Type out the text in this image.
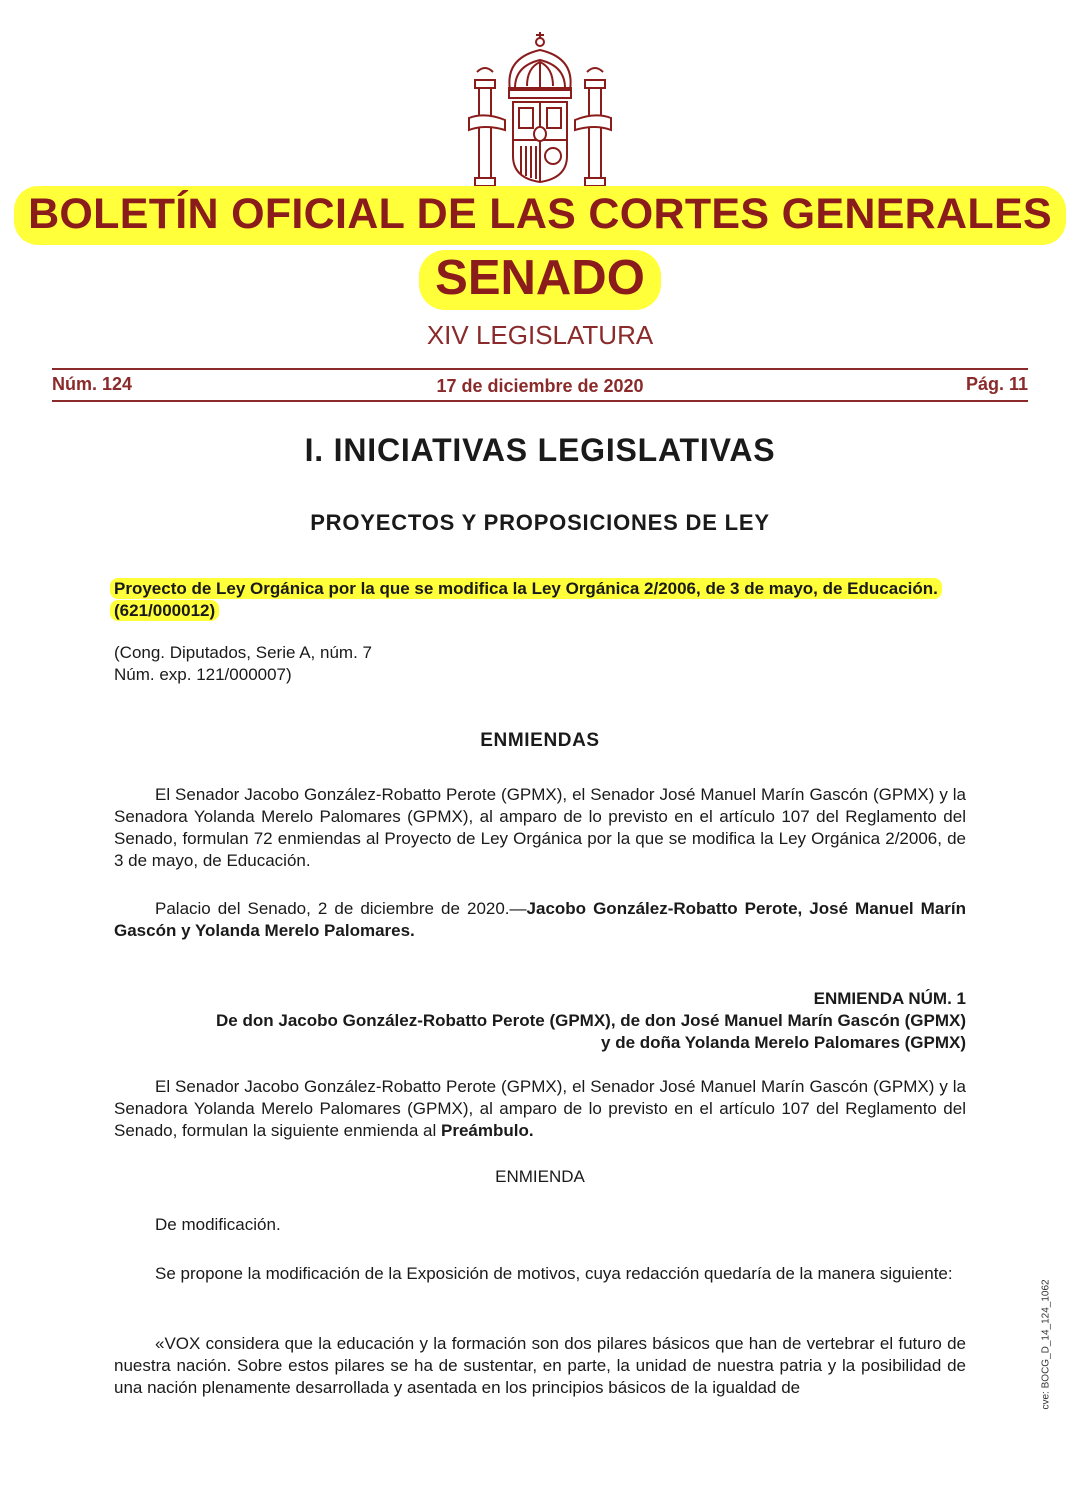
BOLETÍN OFICIAL DE LAS CORTES GENERALES
SENADO
XIV LEGISLATURA
Núm. 124	17 de diciembre de 2020	Pág. 11
I. INICIATIVAS LEGISLATIVAS
PROYECTOS Y PROPOSICIONES DE LEY
Proyecto de Ley Orgánica por la que se modifica la Ley Orgánica 2/2006, de 3 de mayo, de Educación.
(621/000012)
(Cong. Diputados, Serie A, núm. 7
Núm. exp. 121/000007)
ENMIENDAS
El Senador Jacobo González-Robatto Perote (GPMX), el Senador José Manuel Marín Gascón (GPMX) y la Senadora Yolanda Merelo Palomares (GPMX), al amparo de lo previsto en el artículo 107 del Reglamento del Senado, formulan 72 enmiendas al Proyecto de Ley Orgánica por la que se modifica la Ley Orgánica 2/2006, de 3 de mayo, de Educación.
Palacio del Senado, 2 de diciembre de 2020.—Jacobo González-Robatto Perote, José Manuel Marín Gascón y Yolanda Merelo Palomares.
ENMIENDA NÚM. 1
De don Jacobo González-Robatto Perote (GPMX), de don José Manuel Marín Gascón (GPMX)
y de doña Yolanda Merelo Palomares (GPMX)
El Senador Jacobo González-Robatto Perote (GPMX), el Senador José Manuel Marín Gascón (GPMX) y la Senadora Yolanda Merelo Palomares (GPMX), al amparo de lo previsto en el artículo 107 del Reglamento del Senado, formulan la siguiente enmienda al Preámbulo.
ENMIENDA
De modificación.
Se propone la modificación de la Exposición de motivos, cuya redacción quedaría de la manera siguiente:
«VOX considera que la educación y la formación son dos pilares básicos que han de vertebrar el futuro de nuestra nación. Sobre estos pilares se ha de sustentar, en parte, la unidad de nuestra patria y la posibilidad de una nación plenamente desarrollada y asentada en los principios básicos de la igualdad de	cve: BOCG_D_14_124_1062
